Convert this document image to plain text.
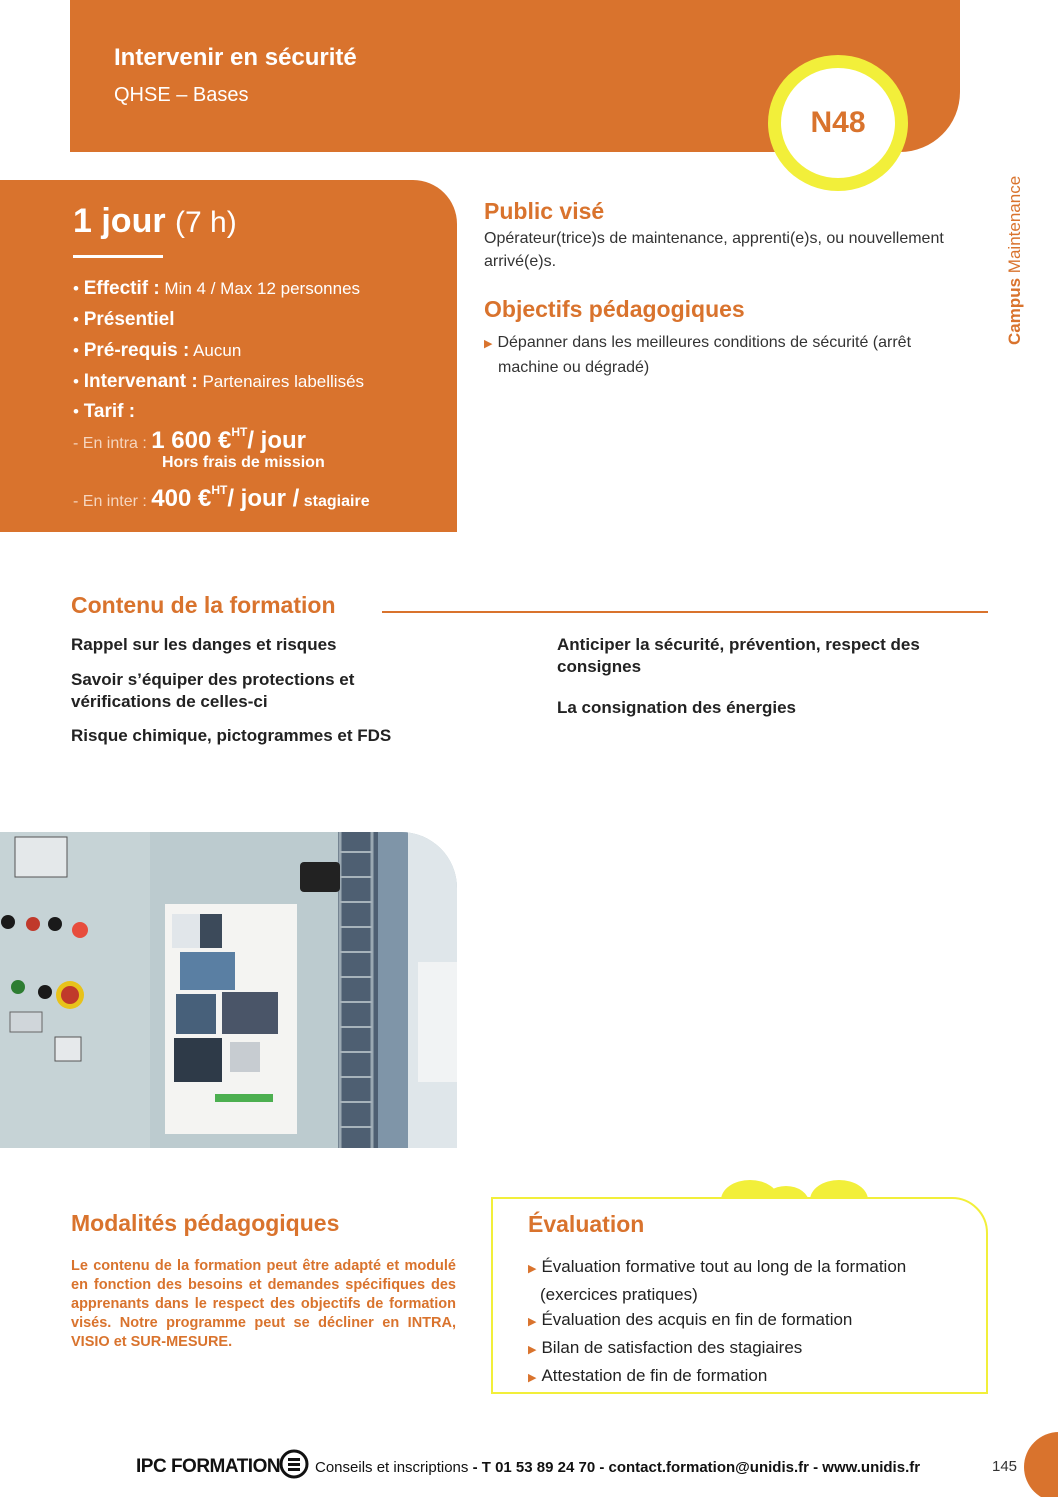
Intervenir en sécurité
QHSE – Bases
N48
Campus Maintenance
1 jour (7 h)
• Effectif : Min 4 / Max 12 personnes
• Présentiel
• Pré-requis : Aucun
• Intervenant : Partenaires labellisés
• Tarif :
- En intra : 1 600 €$^{HT}$/ jour
Hors frais de mission
- En inter : 400 €$^{HT}$/ jour / stagiaire
Public visé
Opérateur(trice)s de maintenance, apprenti(e)s, ou nouvellement arrivé(e)s.
Objectifs pédagogiques
▶ Dépanner dans les meilleures conditions de sécurité (arrêt
machine ou dégradé)
Contenu de la formation
Rappel sur les danges et risques
Savoir s’équiper des protections et vérifications de celles-ci
Risque chimique, pictogrammes et FDS
Anticiper la sécurité, prévention, respect des consignes
La consignation des énergies
Modalités pédagogiques
Le contenu de la formation peut être adapté et modulé en fonction des besoins et demandes spécifiques des apprenants dans le respect des objectifs de formation visés. Notre programme peut se décliner en INTRA, VISIO et SUR-MESURE.
Évaluation
▶ Évaluation formative tout au long de la formation
(exercices pratiques)
▶ Évaluation des acquis en fin de formation
▶ Bilan de satisfaction des stagiaires
▶ Attestation de fin de formation
IPC FORMATION Conseils et inscriptions - T 01 53 89 24 70 - contact.formation@unidis.fr - www.unidis.fr	145
